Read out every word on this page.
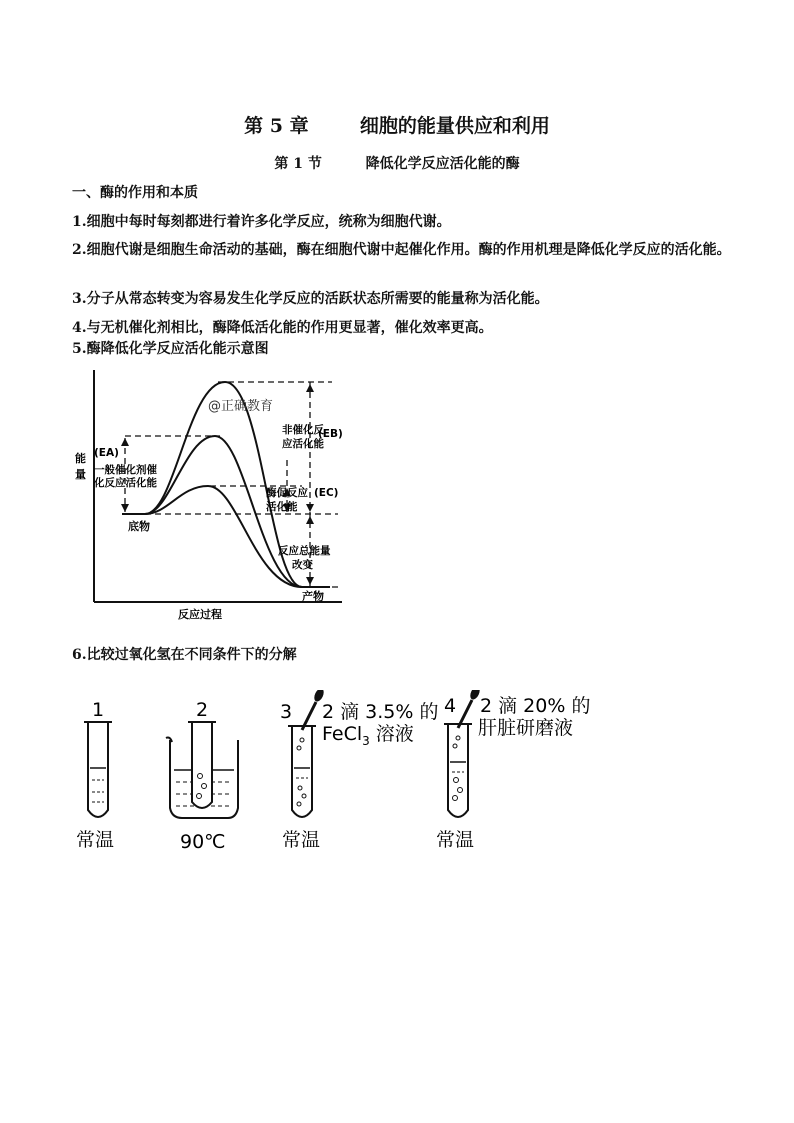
第 5 章	细胞的能量供应和利用
第 1 节	降低化学反应活化能的酶
一、酶的作用和本质
1.细胞中每时每刻都进行着许多化学反应，统称为细胞代谢。
2.细胞代谢是细胞生命活动的基础，酶在细胞代谢中起催化作用。酶的作用机理是降低化学反应的活化能。
3.分子从常态转变为容易发生化学反应的活跃状态所需要的能量称为活化能。
4.与无机催化剂相比，酶降低活化能的作用更显著，催化效率更高。
5.酶降低化学反应活化能示意图
能
量
@正确教育
(EA)
一般催化剂催
化反应活化能
底物
非催化反
应活化能
(EB)
酶促反应 (EC)
活化能
反应总能量
改变
产物
反应过程
6.比较过氧化氢在不同条件下的分解
1
常温
2
90℃
3 2 滴 3.5% 的
FeCl$_3$ 溶液
常温
4 2 滴 20% 的
肝脏研磨液
常温
